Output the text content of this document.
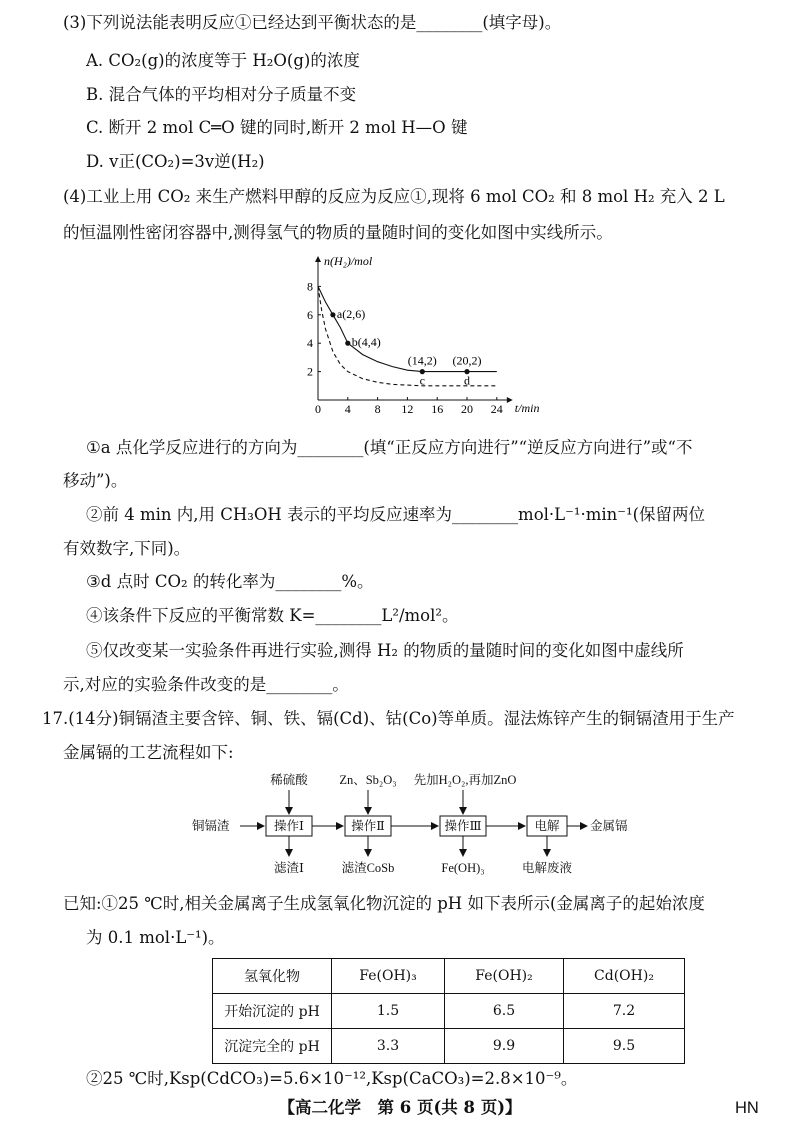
(3)下列说法能表明反应①已经达到平衡状态的是________(填字母)。
A. CO₂(g)的浓度等于 H₂O(g)的浓度
B. 混合气体的平均相对分子质量不变
C. 断开 2 mol C═O 键的同时,断开 2 mol H—O 键
D. v正(CO₂)=3v逆(H₂)
(4)工业上用 CO₂ 来生产燃料甲醇的反应为反应①,现将 6 mol CO₂ 和 8 mol H₂ 充入 2 L
的恒温刚性密闭容器中,测得氢气的物质的量随时间的变化如图中实线所示。
n(H₂)/mol
t/min
0 4 8 12 16 20 24
2
4
6
8
a(2,6)
b(4,4)
(14,2)
c
(20,2)
d
①a 点化学反应进行的方向为________(填“正反应方向进行”“逆反应方向进行”或“不
移动”)。
②前 4 min 内,用 CH₃OH 表示的平均反应速率为________mol·L⁻¹·min⁻¹(保留两位
有效数字,下同)。
③d 点时 CO₂ 的转化率为________%。
④该条件下反应的平衡常数 K=________L²/mol²。
⑤仅改变某一实验条件再进行实验,测得 H₂ 的物质的量随时间的变化如图中虚线所
示,对应的实验条件改变的是________。
17.(14分)铜镉渣主要含锌、铜、铁、镉(Cd)、钴(Co)等单质。湿法炼锌产生的铜镉渣用于生产
金属镉的工艺流程如下:
铜镉渣
稀硫酸	Zn、Sb₂O₃ 先加H₂O₂,再加ZnO
操作Ⅰ	操作Ⅱ	操作Ⅲ	电解 金属镉
滤渣Ⅰ	滤渣CoSb	Fe(OH)₃	电解废液
已知:①25 ℃时,相关金属离子生成氢氧化物沉淀的 pH 如下表所示(金属离子的起始浓度
为 0.1 mol·L⁻¹)。
氢氧化物	Fe(OH)₃	Fe(OH)₂	Cd(OH)₂
开始沉淀的 pH	1.5	6.5	7.2
沉淀完全的 pH	3.3	9.9	9.5
②25 ℃时,Ksp(CdCO₃)=5.6×10⁻¹²,Ksp(CaCO₃)=2.8×10⁻⁹。
【高二化学　第 6 页(共 8 页)】	HN
